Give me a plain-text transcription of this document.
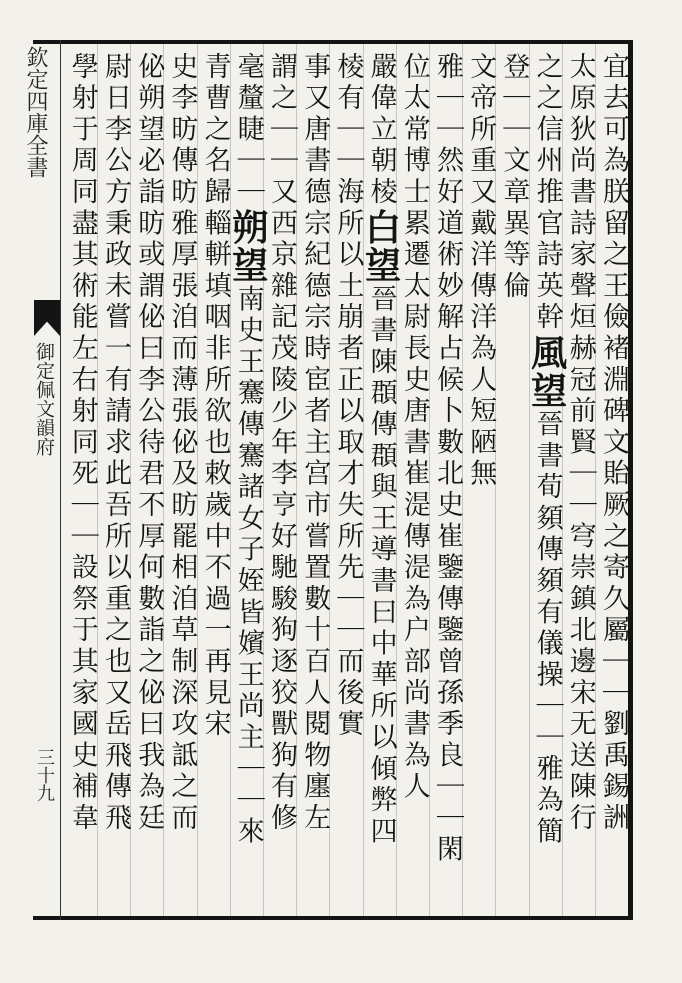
欽定四庫全書
御定佩文韻府
三十九	宜去可為朕留之王儉褚淵碑文貽厥之寄久屬｜｜劉禹錫詶
太原狄尚書詩家聲烜赫冠前賢｜｜穹崇鎮北邊宋无送陳行
之之信州推官詩英幹風望晉書荀䫂傳䫂有儀操｜｜雅為簡
登｜｜文章異等倫
文帝所重又戴洋傳洋為人短陋無
雅｜｜然好道術妙解占候卜數北史崔鑒傳鑒曾孫季良｜｜閑
位太常博士累遷太尉長史唐書崔湜傳湜為户部尚書為人
嚴偉立朝棱白望晉書陳頵傳頵與王導書曰中華所以傾弊四
棱有｜｜海所以土崩者正以取才失所先｜｜而後實
事又唐書德宗紀德宗時宦者主宫市嘗置數十百人閱物廛左
謂之｜｜又西京雜記茂陵少年李亨好馳駿狗逐狡獸狗有修
毫釐睫｜｜朔望南史王騫傳騫諸女子姪皆嬪王尚主｜｜來
青曹之名歸輜軿填咽非所欲也敕歲中不過一再見宋
史李昉傳昉雅厚張洎而薄張佖及昉罷相洎草制深攻詆之而
佖朔望必詣昉或謂佖曰李公待君不厚何數詣之佖曰我為廷
尉日李公方秉政未嘗一有請求此吾所以重之也又岳飛傳飛
學射于周同盡其術能左右射同死｜｜設祭于其家國史補韋
